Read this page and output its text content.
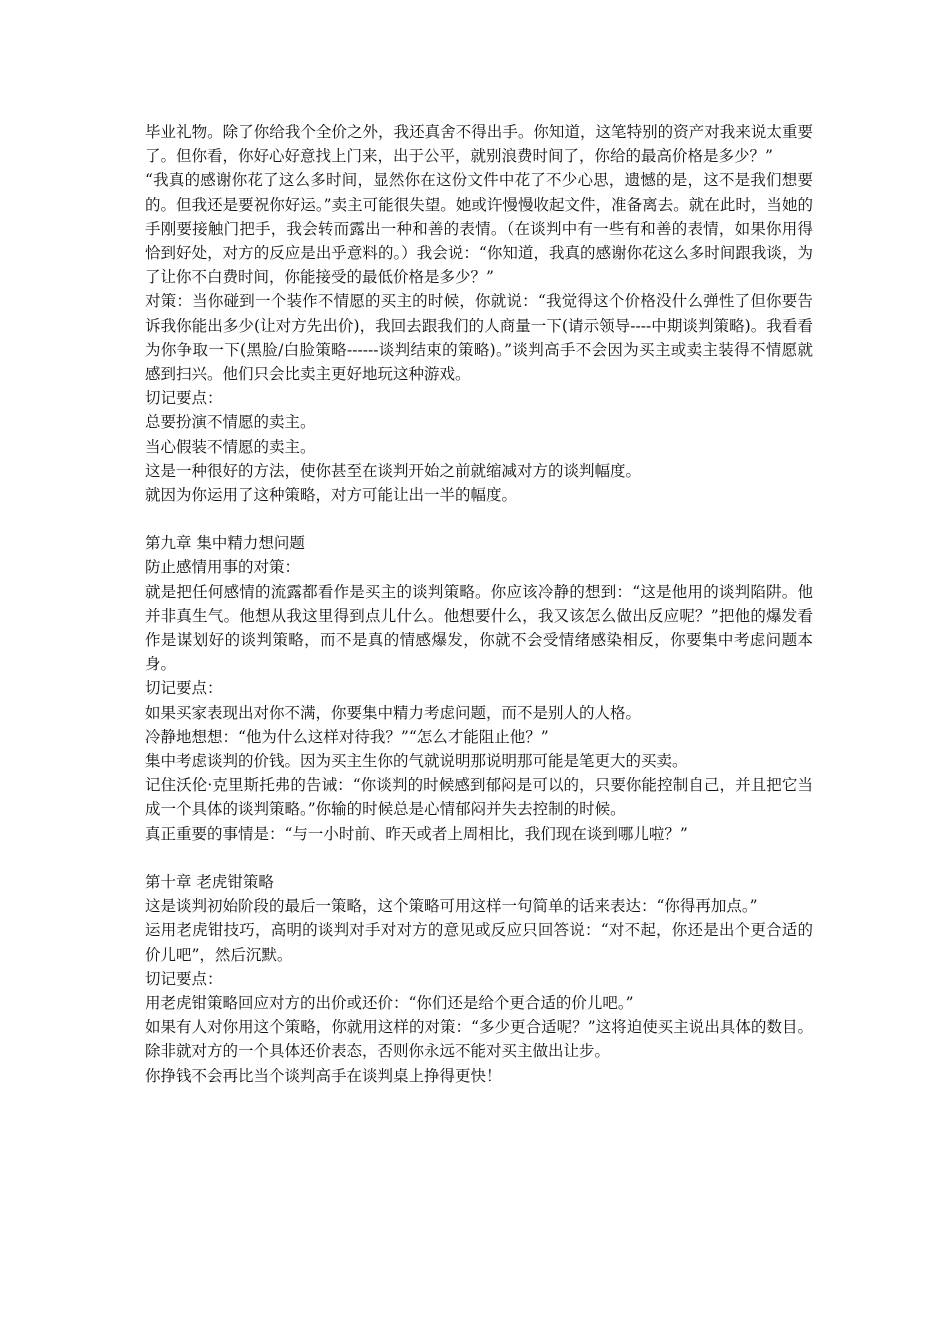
毕业礼物。除了你给我个全价之外，我还真舍不得出手。你知道，这笔特别的资产对我来说太重要了。但你看，你好心好意找上门来，出于公平，就别浪费时间了，你给的最高价格是多少？”

“我真的感谢你花了这么多时间，显然你在这份文件中花了不少心思，遗憾的是，这不是我们想要的。但我还是要祝你好运。”卖主可能很失望。她或许慢慢收起文件，准备离去。就在此时，当她的手刚要接触门把手，我会转而露出一种和善的表情。（在谈判中有一些有和善的表情，如果你用得恰到好处，对方的反应是出乎意料的。）我会说：“你知道，我真的感谢你花这么多时间跟我谈，为了让你不白费时间，你能接受的最低价格是多少？”

对策：当你碰到一个装作不情愿的买主的时候，你就说：“我觉得这个价格没什么弹性了但你要告诉我你能出多少(让对方先出价)，我回去跟我们的人商量一下(请示领导----中期谈判策略)。我看看为你争取一下(黑脸/白脸策略------谈判结束的策略)。”谈判高手不会因为买主或卖主装得不情愿就感到扫兴。他们只会比卖主更好地玩这种游戏。

切记要点：

总要扮演不情愿的卖主。

当心假装不情愿的卖主。

这是一种很好的方法，使你甚至在谈判开始之前就缩减对方的谈判幅度。

就因为你运用了这种策略，对方可能让出一半的幅度。

第九章 集中精力想问题

防止感情用事的对策：

就是把任何感情的流露都看作是买主的谈判策略。你应该冷静的想到：“这是他用的谈判陷阱。他并非真生气。他想从我这里得到点儿什么。他想要什么，我又该怎么做出反应呢？”把他的爆发看作是谋划好的谈判策略，而不是真的情感爆发，你就不会受情绪感染相反，你要集中考虑问题本身。

切记要点：

如果买家表现出对你不满，你要集中精力考虑问题，而不是别人的人格。

冷静地想想：“他为什么这样对待我？”“怎么才能阻止他？”

集中考虑谈判的价钱。因为买主生你的气就说明那说明那可能是笔更大的买卖。

记住沃伦·克里斯托弗的告诫：“你谈判的时候感到郁闷是可以的，只要你能控制自己，并且把它当成一个具体的谈判策略。”你输的时候总是心情郁闷并失去控制的时候。

真正重要的事情是：“与一小时前、昨天或者上周相比，我们现在谈到哪儿啦？”

第十章 老虎钳策略

这是谈判初始阶段的最后一策略，这个策略可用这样一句简单的话来表达：“你得再加点。”

运用老虎钳技巧，高明的谈判对手对对方的意见或反应只回答说：“对不起，你还是出个更合适的价儿吧”，然后沉默。

切记要点：

用老虎钳策略回应对方的出价或还价：“你们还是给个更合适的价儿吧。”

如果有人对你用这个策略，你就用这样的对策：“多少更合适呢？”这将迫使买主说出具体的数目。除非就对方的一个具体还价表态，否则你永远不能对买主做出让步。

你挣钱不会再比当个谈判高手在谈判桌上挣得更快！
